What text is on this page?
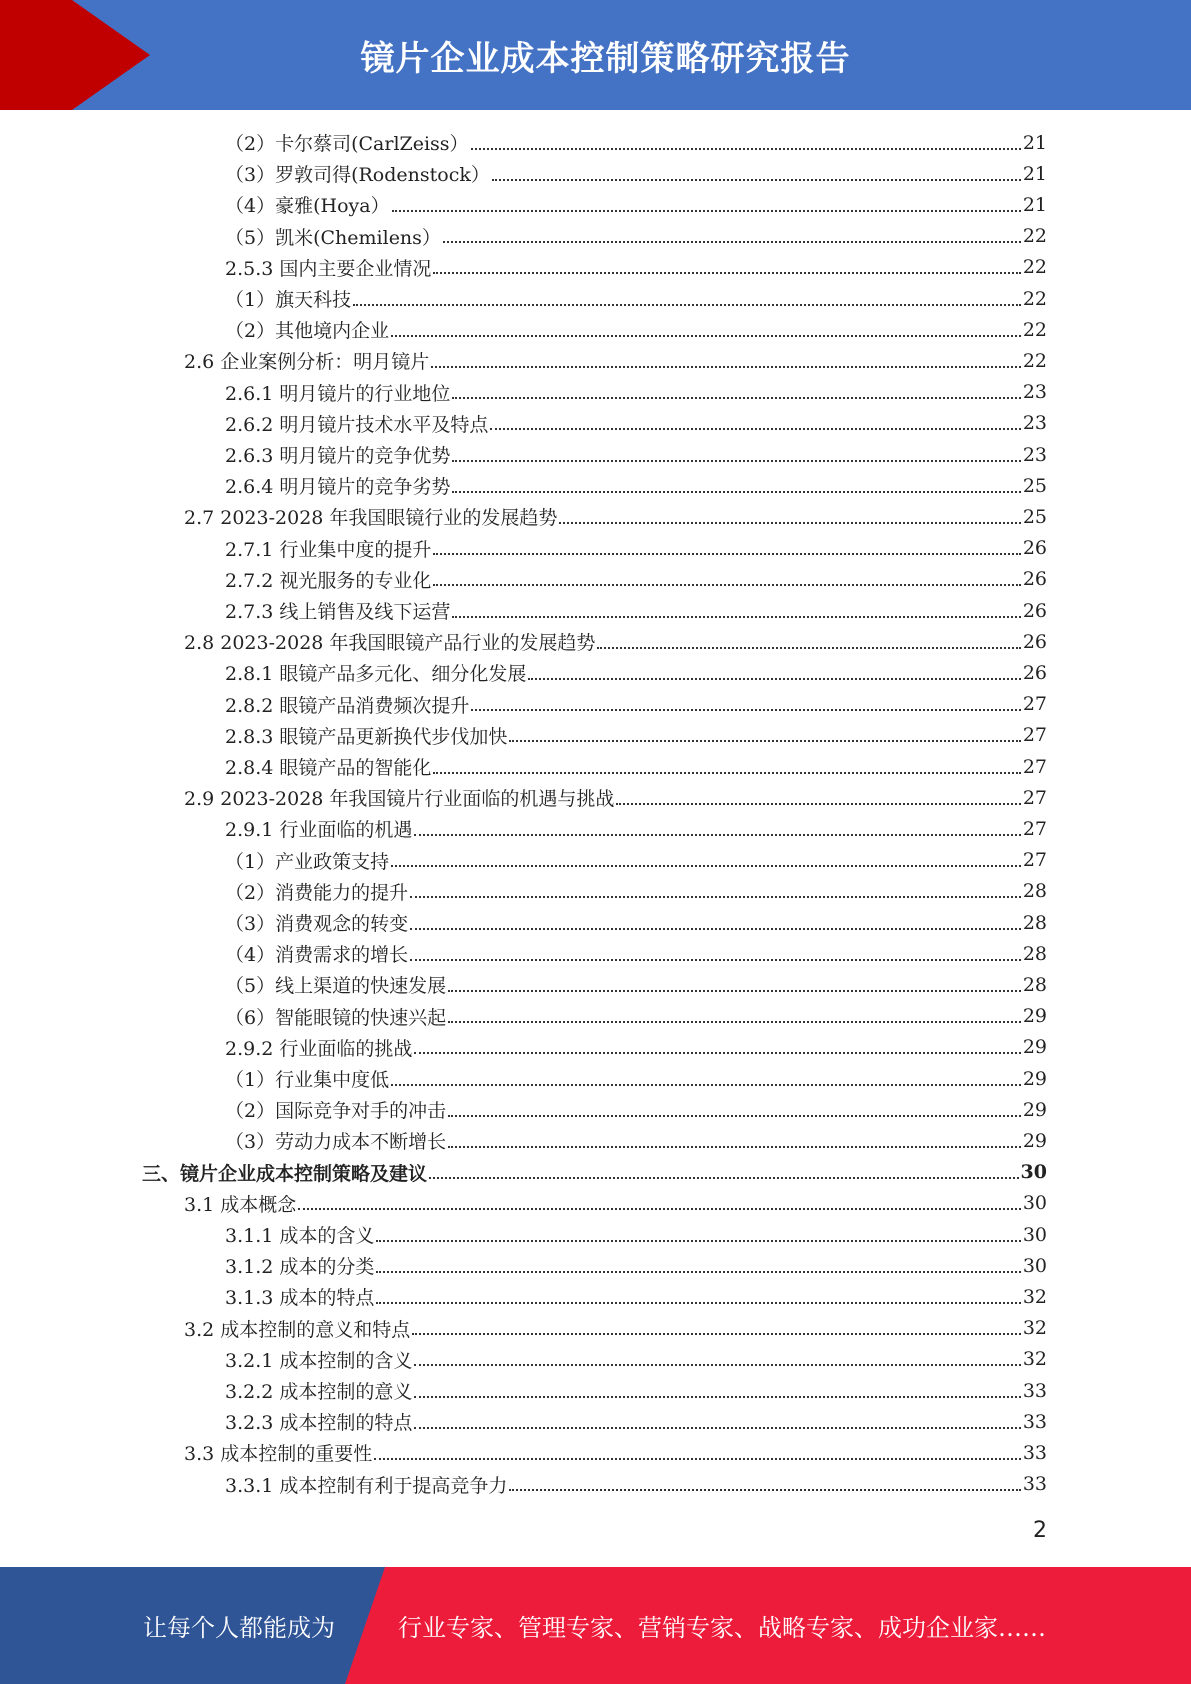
镜片企业成本控制策略研究报告
（2）卡尔蔡司(CarlZeiss）	21
（3）罗敦司得(Rodenstock）	21
（4）豪雅(Hoya）	21
（5）凯米(Chemilens）	22
2.5.3 国内主要企业情况	22
（1）旗天科技	22
（2）其他境内企业	22
2.6 企业案例分析：明月镜片	22
2.6.1 明月镜片的行业地位	23
2.6.2 明月镜片技术水平及特点	23
2.6.3 明月镜片的竞争优势	23
2.6.4 明月镜片的竞争劣势	25
2.7 2023-2028 年我国眼镜行业的发展趋势	25
2.7.1 行业集中度的提升	26
2.7.2 视光服务的专业化	26
2.7.3 线上销售及线下运营	26
2.8 2023-2028 年我国眼镜产品行业的发展趋势	26
2.8.1 眼镜产品多元化、细分化发展	26
2.8.2 眼镜产品消费频次提升	27
2.8.3 眼镜产品更新换代步伐加快	27
2.8.4 眼镜产品的智能化	27
2.9 2023-2028 年我国镜片行业面临的机遇与挑战	27
2.9.1 行业面临的机遇	27
（1）产业政策支持	27
（2）消费能力的提升	28
（3）消费观念的转变	28
（4）消费需求的增长	28
（5）线上渠道的快速发展	28
（6）智能眼镜的快速兴起	29
2.9.2 行业面临的挑战	29
（1）行业集中度低	29
（2）国际竞争对手的冲击	29
（3）劳动力成本不断增长	29
三、镜片企业成本控制策略及建议	30
3.1 成本概念	30
3.1.1 成本的含义	30
3.1.2 成本的分类	30
3.1.3 成本的特点	32
3.2 成本控制的意义和特点	32
3.2.1 成本控制的含义	32
3.2.2 成本控制的意义	33
3.2.3 成本控制的特点	33
3.3 成本控制的重要性	33
3.3.1 成本控制有利于提高竞争力	33
2
让每个人都能成为	行业专家、管理专家、营销专家、战略专家、成功企业家……
